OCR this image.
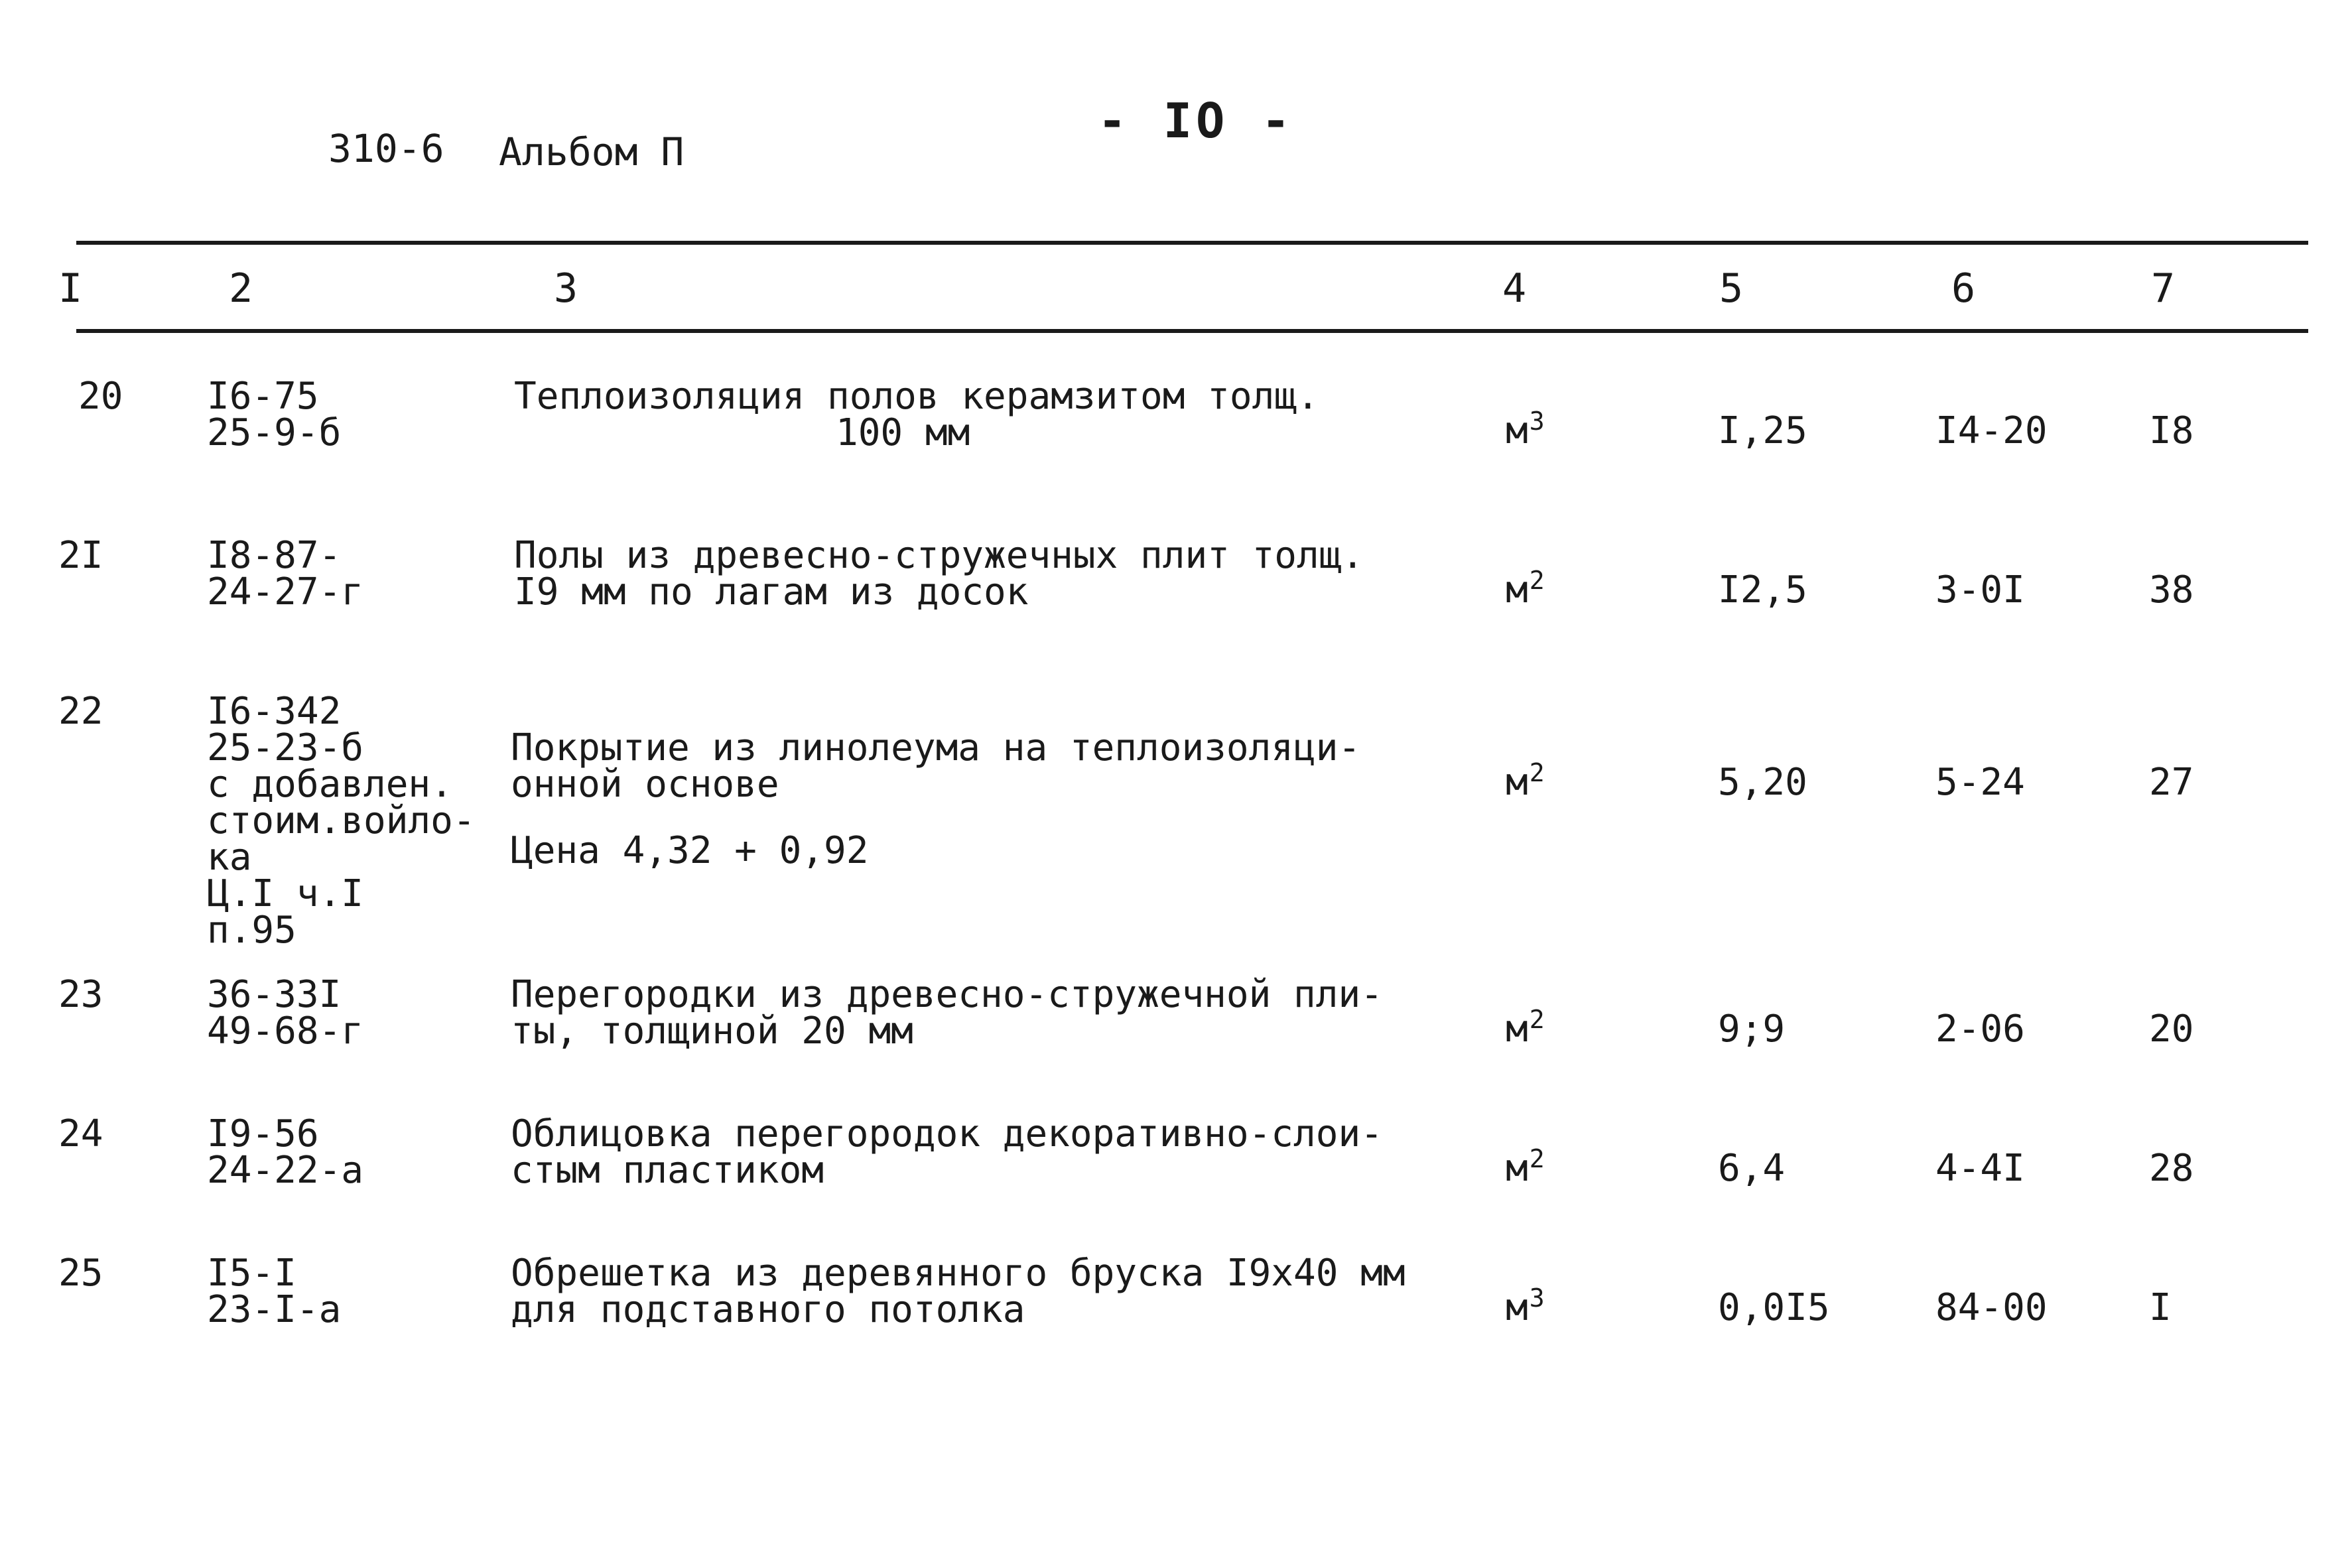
310-6 Альбом П
- IO -
I	2	3	4	5	6	7
20 I6-75
25-9-б
Теплоизоляция полов керамзитом толщ.
100 мм	$м^3$	I,25	I4-20	I8
2I	I8-87-
24-27-г
Полы из древесно-стружечных плит толщ.
I9 мм по лагам из досок	$м^2$	I2,5	3-0I	38
22	I6-342
25-23-б
с добавлен.
стоим.войло-
ка
Ц.I ч.I
п.95
Покрытие из линолеума на теплоизоляци-
онной основе
Цена 4,32 + 0,92
$м^2$	5,20	5-24	27
23	36-33I
49-68-г
Перегородки из древесно-стружечной пли-
ты, толщиной 20 мм	$м^2$	9;9	2-06	20
24	I9-56
24-22-а
Облицовка перегородок декоративно-слои-
стым пластиком	$м^2$	6,4	4-4I	28
25	I5-I
23-I-а
Обрешетка из деревянного бруска I9х40 мм
для подставного потолка	$м^3$	0,0I5	84-00	I
